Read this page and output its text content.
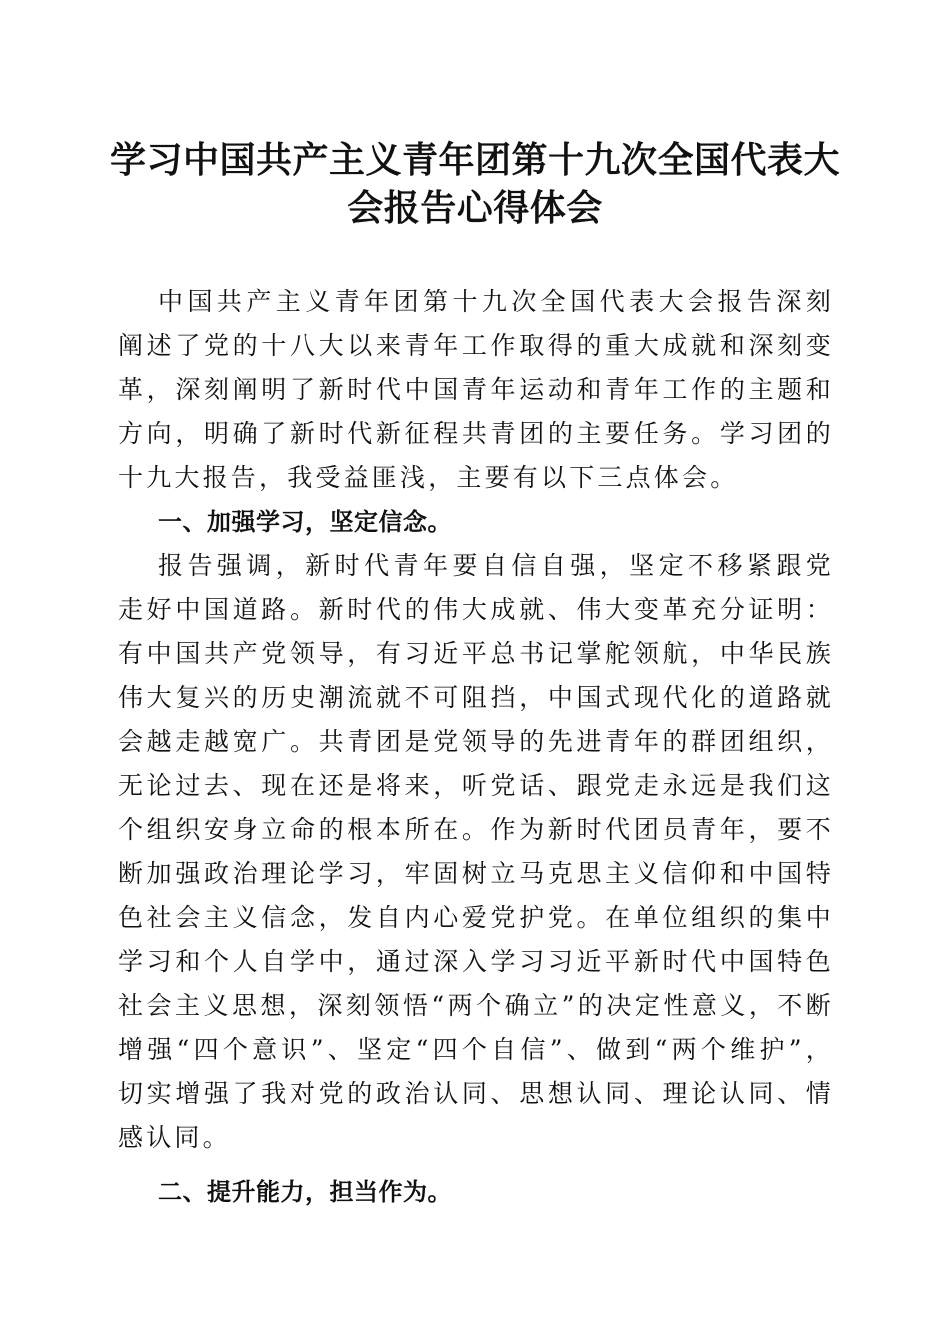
学习中国共产主义青年团第十九次全国代表大会报告心得体会

中国共产主义青年团第十九次全国代表大会报告深刻阐述了党的十八大以来青年工作取得的重大成就和深刻变革，深刻阐明了新时代中国青年运动和青年工作的主题和方向，明确了新时代新征程共青团的主要任务。学习团的十九大报告，我受益匪浅，主要有以下三点体会。

一、加强学习，坚定信念。

报告强调，新时代青年要自信自强，坚定不移紧跟党走好中国道路。新时代的伟大成就、伟大变革充分证明：有中国共产党领导，有习近平总书记掌舵领航，中华民族伟大复兴的历史潮流就不可阻挡，中国式现代化的道路就会越走越宽广。共青团是党领导的先进青年的群团组织，无论过去、现在还是将来，听党话、跟党走永远是我们这个组织安身立命的根本所在。作为新时代团员青年，要不断加强政治理论学习，牢固树立马克思主义信仰和中国特色社会主义信念，发自内心爱党护党。在单位组织的集中学习和个人自学中，通过深入学习习近平新时代中国特色社会主义思想，深刻领悟“两个确立”的决定性意义，不断增强“四个意识”、坚定“四个自信”、做到“两个维护”，切实增强了我对党的政治认同、思想认同、理论认同、情感认同。

二、提升能力，担当作为。
